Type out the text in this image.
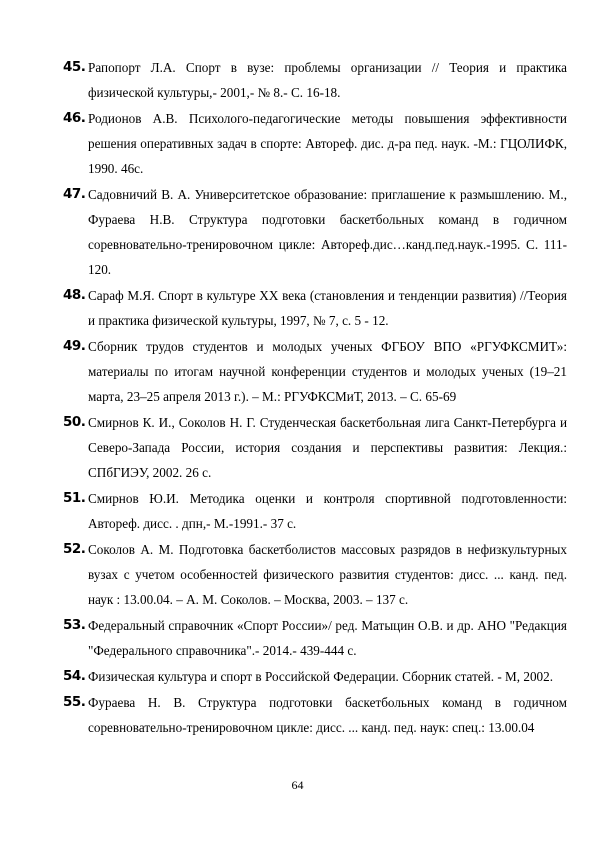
45. Рапопорт Л.А. Спорт в вузе: проблемы организации // Теория и практика физической культуры,- 2001,- № 8.- С. 16-18.
46. Родионов А.В. Психолого-педагогические методы повышения эффективности решения оперативных задач в спорте: Автореф. дис. д-ра пед. наук. -М.: ГЦОЛИФК, 1990. 46с.
47. Садовничий В. А. Университетское образование: приглашение к размышлению. М., Фураева Н.В. Структура подготовки баскетбольных команд в годичном соревновательно-тренировочном цикле: Автореф.дис…канд.пед.наук.-1995. С. 111-120.
48. Сараф М.Я. Спорт в культуре ХХ века (становления и тенденции развития) //Теория и практика физической культуры, 1997, № 7, с. 5 - 12.
49. Сборник трудов студентов и молодых ученых ФГБОУ ВПО «РГУФКСМИТ»: материалы по итогам научной конференции студентов и молодых ученых (19–21 марта, 23–25 апреля 2013 г.). – М.: РГУФКСМиТ, 2013. – С. 65-69
50. Смирнов К. И., Соколов Н. Г. Студенческая баскетбольная лига Санкт-Петербурга и Северо-Запада России, история создания и перспективы развития: Лекция.: СПбГИЭУ, 2002. 26 с.
51. Смирнов Ю.И. Методика оценки и контроля спортивной подготовленности: Автореф. дисс. . дпн,- М.-1991.- 37 с.
52. Соколов А. М. Подготовка баскетболистов массовых разрядов в нефизкультурных вузах с учетом особенностей физического развития студентов: дисс. ... канд. пед. наук : 13.00.04. – А. М. Соколов. – Москва, 2003. – 137 с.
53. Федеральный справочник «Спорт России»/ ред. Матыцин О.В. и др. АНО "Редакция "Федерального справочника".- 2014.- 439-444 с.
54. Физическая культура и спорт в Российской Федерации. Сборник статей. - М, 2002.
55. Фураева Н. В. Структура подготовки баскетбольных команд в годичном соревновательно-тренировочном цикле: дисс. ... канд. пед. наук: спец.: 13.00.04
64
